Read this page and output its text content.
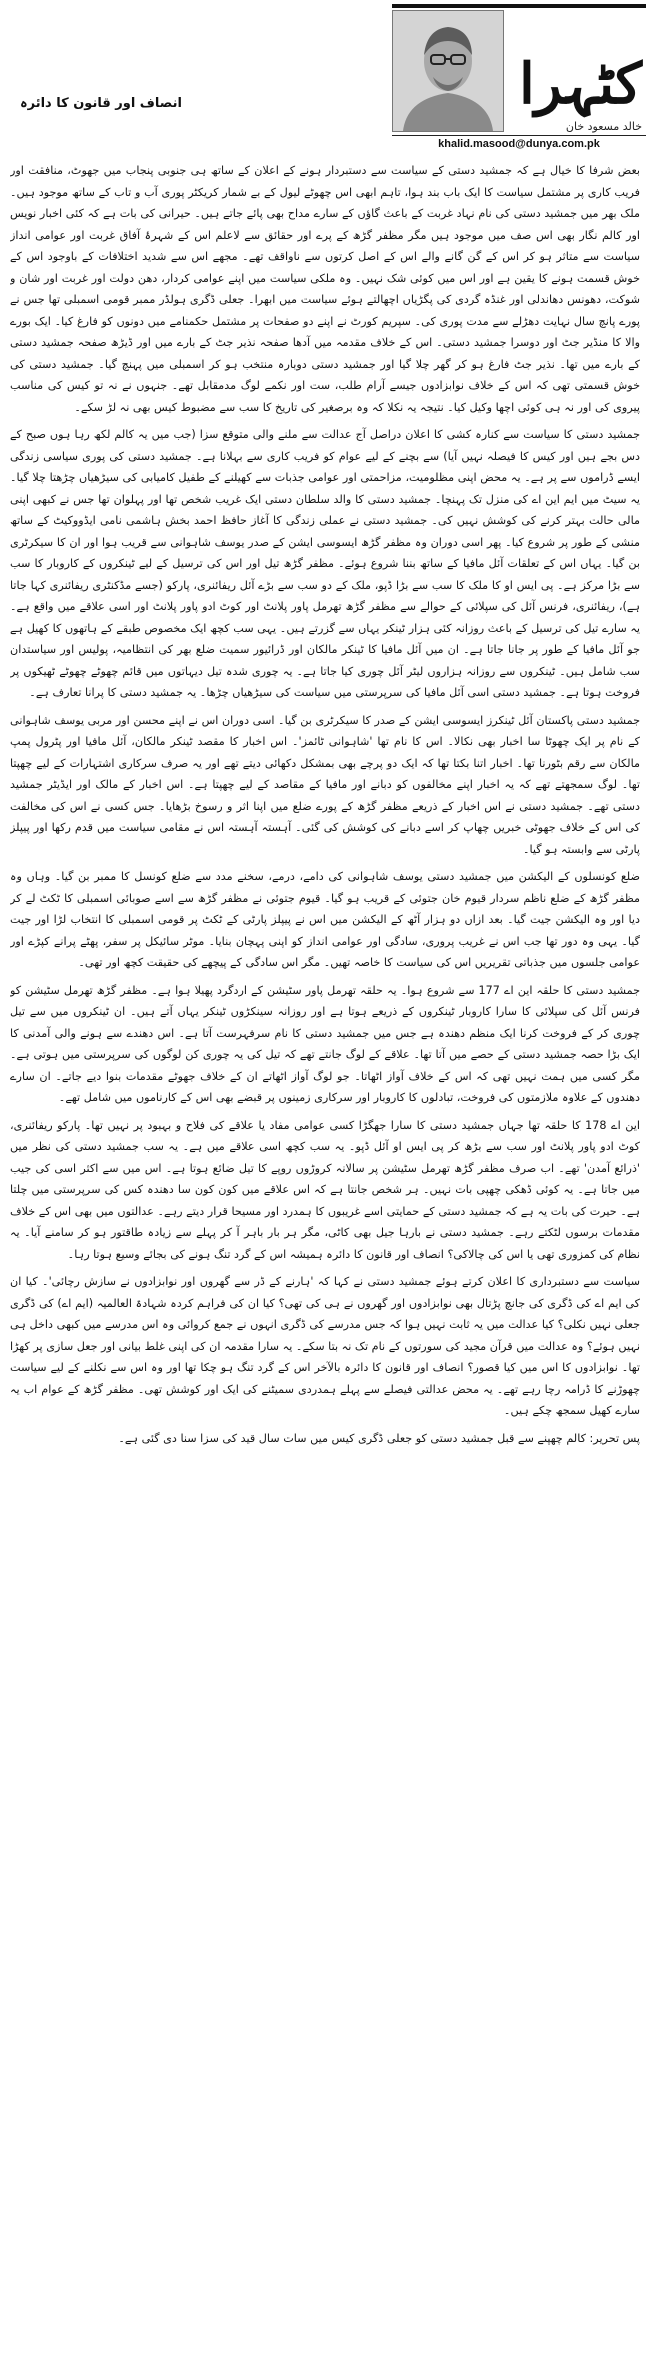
کٹہرا
خالد مسعود خان
khalid.masood@dunya.com.pk
انصاف اور قانون کا دائرہ

بعض شرفا کا خیال ہے کہ جمشید دستی کے سیاست سے دستبردار ہونے کے اعلان کے ساتھ ہی جنوبی پنجاب میں جھوٹ، منافقت اور فریب کاری پر مشتمل سیاست کا ایک باب بند ہوا، تاہم ابھی اس چھوٹے لیول کے بے شمار کریکٹر پوری آب و تاب کے ساتھ موجود ہیں۔ ملک بھر میں جمشید دستی کی نام نہاد غربت کے باعث گاؤں کے سارے مداح بھی پائے جاتے ہیں۔ حیرانی کی بات ہے کہ کئی اخبار نویس اور کالم نگار بھی اس صف میں موجود ہیں مگر مظفر گڑھ کے پرے اور حقائق سے لاعلم اس کے شہرۂ آفاق غربت اور عوامی انداز سیاست سے متاثر ہو کر اس کے گن گانے والے اس کے اصل کرتوں سے ناواقف تھے۔ مجھے اس سے شدید اختلافات کے باوجود اس کے خوش قسمت ہونے کا یقین ہے اور اس میں کوئی شک نہیں۔ وہ ملکی سیاست میں اپنے عوامی کردار، دھن دولت اور غربت اور شان و شوکت، دھونس دھاندلی اور غنڈہ گردی کی پگڑیاں اچھالتے ہوئے سیاست میں ابھرا۔ جعلی ڈگری ہولڈر ممبر قومی اسمبلی تھا جس نے پورے پانچ سال نہایت دھڑلے سے مدت پوری کی۔ سپریم کورٹ نے اپنے دو صفحات پر مشتمل حکمنامے میں دونوں کو فارغ کیا۔ ایک بورے والا کا منڈیر جٹ اور دوسرا جمشید دستی۔ اس کے خلاف مقدمہ میں آدھا صفحہ نذیر جٹ کے بارے میں اور ڈیڑھ صفحہ جمشید دستی کے بارے میں تھا۔ نذیر جٹ فارغ ہو کر گھر چلا گیا اور جمشید دستی دوبارہ منتخب ہو کر اسمبلی میں پہنچ گیا۔ جمشید دستی کی خوش قسمتی تھی کہ اس کے خلاف نوابزادوں جیسے آرام طلب، ست اور نکمے لوگ مدمقابل تھے۔ جنہوں نے نہ تو کیس کی مناسب پیروی کی اور نہ ہی کوئی اچھا وکیل کیا۔ نتیجہ یہ نکلا کہ وہ برصغیر کی تاریخ کا سب سے مضبوط کیس بھی نہ لڑ سکے۔

جمشید دستی کا سیاست سے کنارہ کشی کا اعلان دراصل آج عدالت سے ملنے والی متوقع سزا (جب میں یہ کالم لکھ رہا ہوں صبح کے دس بجے ہیں اور کیس کا فیصلہ نہیں آیا) سے بچنے کے لیے عوام کو فریب کاری سے بہلانا ہے۔ جمشید دستی کی پوری سیاسی زندگی ایسے ڈراموں سے پر ہے۔ یہ محض اپنی مظلومیت، مزاحمتی اور عوامی جذبات سے کھیلنے کے طفیل کامیابی کی سیڑھیاں چڑھتا چلا گیا۔ یہ سیٹ میں ایم این اے کی منزل تک پہنچا۔ جمشید دستی کا والد سلطان دستی ایک غریب شخص تھا اور پہلوان تھا جس نے کبھی اپنی مالی حالت بہتر کرنے کی کوشش نہیں کی۔ جمشید دستی نے عملی زندگی کا آغاز حافظ احمد بخش ہاشمی نامی ایڈووکیٹ کے ساتھ منشی کے طور پر شروع کیا۔ پھر اسی دوران وہ مظفر گڑھ ایسوسی ایشن کے صدر یوسف شاہوانی سے قریب ہوا اور ان کا سیکرٹری بن گیا۔ یہاں اس کے تعلقات آئل مافیا کے ساتھ بننا شروع ہوئے۔ مظفر گڑھ تیل اور اس کی ترسیل کے لیے ٹینکروں کے کاروبار کا سب سے بڑا مرکز ہے۔ پی ایس او کا ملک کا سب سے بڑا ڈپو، ملک کے دو سب سے بڑے آئل ریفائنری، پارکو (جسے مڈکنٹری ریفائنری کہا جاتا ہے)، ریفائنری، فرنس آئل کی سپلائی کے حوالے سے مظفر گڑھ تھرمل پاور پلانٹ اور کوٹ ادو پاور پلانٹ اور اسی علاقے میں واقع ہے۔ یہ سارے تیل کی ترسیل کے باعث روزانہ کئی ہزار ٹینکر یہاں سے گزرتے ہیں۔ یہی سب کچھ ایک مخصوص طبقے کے ہاتھوں کا کھیل ہے جو آئل مافیا کے طور پر جانا جاتا ہے۔ ان میں آئل مافیا کا ٹینکر مالکان اور ڈرائیور سمیت ضلع بھر کی انتظامیہ، پولیس اور سیاستدان سب شامل ہیں۔ ٹینکروں سے روزانہ ہزاروں لیٹر آئل چوری کیا جاتا ہے۔ یہ چوری شدہ تیل دیہاتوں میں قائم چھوٹے چھوٹے ٹھیکوں پر فروخت ہوتا ہے۔ جمشید دستی اسی آئل مافیا کی سرپرستی میں سیاست کی سیڑھیاں چڑھا۔ یہ جمشید دستی کا پرانا تعارف ہے۔

جمشید دستی پاکستان آئل ٹینکرز ایسوسی ایشن کے صدر کا سیکرٹری بن گیا۔ اسی دوران اس نے اپنے محسن اور مربی یوسف شاہوانی کے نام پر ایک چھوٹا سا اخبار بھی نکالا۔ اس کا نام تھا 'شاہوانی ٹائمز'۔ اس اخبار کا مقصد ٹینکر مالکان، آئل مافیا اور پٹرول پمپ مالکان سے رقم بٹورنا تھا۔ اخبار اتنا بکتا تھا کہ ایک دو پرچے بھی بمشکل دکھائی دیتے تھے اور یہ صرف سرکاری اشتہارات کے لیے چھپتا تھا۔ لوگ سمجھتے تھے کہ یہ اخبار اپنے مخالفوں کو دبانے اور مافیا کے مقاصد کے لیے چھپتا ہے۔ اس اخبار کے مالک اور ایڈیٹر جمشید دستی تھے۔ جمشید دستی نے اس اخبار کے ذریعے مظفر گڑھ کے پورے ضلع میں اپنا اثر و رسوخ بڑھایا۔ جس کسی نے اس کی مخالفت کی اس کے خلاف جھوٹی خبریں چھاپ کر اسے دبانے کی کوشش کی گئی۔ آہستہ آہستہ اس نے مقامی سیاست میں قدم رکھا اور پیپلز پارٹی سے وابستہ ہو گیا۔

ضلع کونسلوں کے الیکشن میں جمشید دستی یوسف شاہوانی کی دامے، درمے، سخنے مدد سے ضلع کونسل کا ممبر بن گیا۔ وہاں وہ مظفر گڑھ کے ضلع ناظم سردار قیوم خان جتوئی کے قریب ہو گیا۔ قیوم جتوئی نے مظفر گڑھ سے اسے صوبائی اسمبلی کا ٹکٹ لے کر دیا اور وہ الیکشن جیت گیا۔ بعد ازاں دو ہزار آٹھ کے الیکشن میں اس نے پیپلز پارٹی کے ٹکٹ پر قومی اسمبلی کا انتخاب لڑا اور جیت گیا۔ یہی وہ دور تھا جب اس نے غریب پروری، سادگی اور عوامی انداز کو اپنی پہچان بنایا۔ موٹر سائیکل پر سفر، پھٹے پرانے کپڑے اور عوامی جلسوں میں جذباتی تقریریں اس کی سیاست کا خاصہ تھیں۔ مگر اس سادگی کے پیچھے کی حقیقت کچھ اور تھی۔

جمشید دستی کا حلقہ این اے 177 سے شروع ہوا۔ یہ حلقہ تھرمل پاور سٹیشن کے اردگرد پھیلا ہوا ہے۔ مظفر گڑھ تھرمل سٹیشن کو فرنس آئل کی سپلائی کا سارا کاروبار ٹینکروں کے ذریعے ہوتا ہے اور روزانہ سینکڑوں ٹینکر یہاں آتے ہیں۔ ان ٹینکروں میں سے تیل چوری کر کے فروخت کرنا ایک منظم دھندہ ہے جس میں جمشید دستی کا نام سرفہرست آتا ہے۔ اس دھندے سے ہونے والی آمدنی کا ایک بڑا حصہ جمشید دستی کے حصے میں آتا تھا۔ علاقے کے لوگ جانتے تھے کہ تیل کی یہ چوری کن لوگوں کی سرپرستی میں ہوتی ہے۔ مگر کسی میں ہمت نہیں تھی کہ اس کے خلاف آواز اٹھاتا۔ جو لوگ آواز اٹھاتے ان کے خلاف جھوٹے مقدمات بنوا دیے جاتے۔ ان سارے دھندوں کے علاوہ ملازمتوں کی فروخت، تبادلوں کا کاروبار اور سرکاری زمینوں پر قبضے بھی اس کے کارناموں میں شامل تھے۔

این اے 178 کا حلقہ تھا جہاں جمشید دستی کا سارا جھگڑا کسی عوامی مفاد یا علاقے کی فلاح و بہبود پر نہیں تھا۔ پارکو ریفائنری، کوٹ ادو پاور پلانٹ اور سب سے بڑھ کر پی ایس او آئل ڈپو۔ یہ سب کچھ اسی علاقے میں ہے۔ یہ سب جمشید دستی کی نظر میں 'ذرائع آمدن' تھے۔ اب صرف مظفر گڑھ تھرمل سٹیشن پر سالانہ کروڑوں روپے کا تیل ضائع ہوتا ہے۔ اس میں سے اکثر اسی کی جیب میں جاتا ہے۔ یہ کوئی ڈھکی چھپی بات نہیں۔ ہر شخص جانتا ہے کہ اس علاقے میں کون کون سا دھندہ کس کی سرپرستی میں چلتا ہے۔ حیرت کی بات یہ ہے کہ جمشید دستی کے حمایتی اسے غریبوں کا ہمدرد اور مسیحا قرار دیتے رہے۔ عدالتوں میں بھی اس کے خلاف مقدمات برسوں لٹکتے رہے۔ جمشید دستی نے بارہا جیل بھی کاٹی، مگر ہر بار باہر آ کر پہلے سے زیادہ طاقتور ہو کر سامنے آیا۔ یہ نظام کی کمزوری تھی یا اس کی چالاکی؟ انصاف اور قانون کا دائرہ ہمیشہ اس کے گرد تنگ ہونے کی بجائے وسیع ہوتا رہا۔

سیاست سے دستبرداری کا اعلان کرتے ہوئے جمشید دستی نے کہا کہ 'ہارنے کے ڈر سے گھروں اور نوابزادوں نے سازش رچائی'۔ کیا ان کی ایم اے کی ڈگری کی جانچ پڑتال بھی نوابزادوں اور گھروں نے ہی کی تھی؟ کیا ان کی فراہم کردہ شہادۃ العالمیہ (ایم اے) کی ڈگری جعلی نہیں نکلی؟ کیا عدالت میں یہ ثابت نہیں ہوا کہ جس مدرسے کی ڈگری انہوں نے جمع کروائی وہ اس مدرسے میں کبھی داخل ہی نہیں ہوئے؟ وہ عدالت میں قرآن مجید کی سورتوں کے نام تک نہ بتا سکے۔ یہ سارا مقدمہ ان کی اپنی غلط بیانی اور جعل سازی پر کھڑا تھا۔ نوابزادوں کا اس میں کیا قصور؟ انصاف اور قانون کا دائرہ بالآخر اس کے گرد تنگ ہو چکا تھا اور وہ اس سے نکلنے کے لیے سیاست چھوڑنے کا ڈرامہ رچا رہے تھے۔ یہ محض عدالتی فیصلے سے پہلے ہمدردی سمیٹنے کی ایک اور کوشش تھی۔ مظفر گڑھ کے عوام اب یہ سارے کھیل سمجھ چکے ہیں۔

پس تحریر: کالم چھپنے سے قبل جمشید دستی کو جعلی ڈگری کیس میں سات سال قید کی سزا سنا دی گئی ہے۔
